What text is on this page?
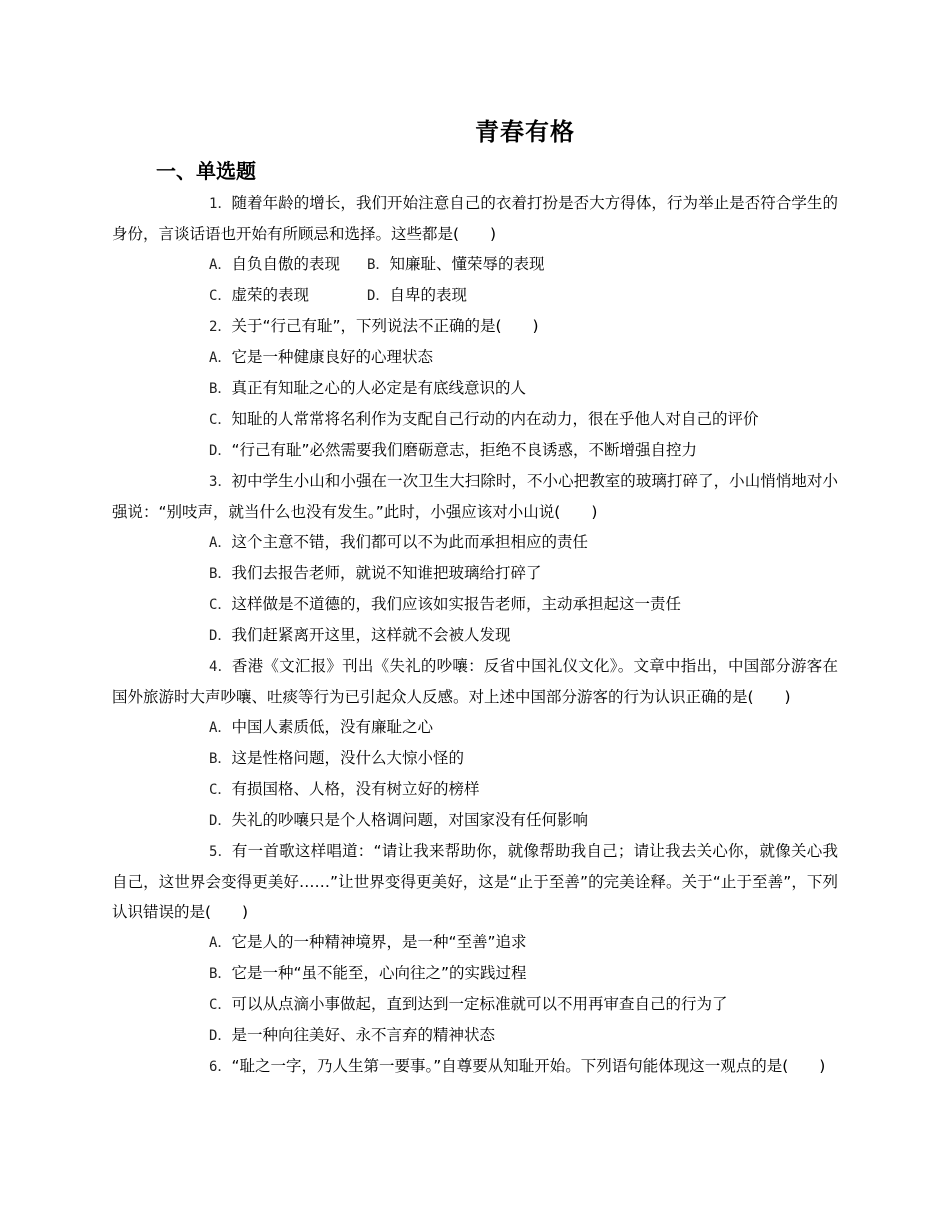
青春有格
一、单选题

1．随着年龄的增长，我们开始注意自己的衣着打扮是否大方得体，行为举止是否符合学生的身份，言谈话语也开始有所顾忌和选择。这些都是(　　)

A．自负自傲的表现	B．知廉耻、懂荣辱的表现
C．虚荣的表现	D．自卑的表现

2．关于“行己有耻”，下列说法不正确的是(　　)

A．它是一种健康良好的心理状态
B．真正有知耻之心的人必定是有底线意识的人
C．知耻的人常常将名利作为支配自己行动的内在动力，很在乎他人对自己的评价
D．“行己有耻”必然需要我们磨砺意志，拒绝不良诱惑，不断增强自控力

3．初中学生小山和小强在一次卫生大扫除时，不小心把教室的玻璃打碎了，小山悄悄地对小强说：“别吱声，就当什么也没有发生。”此时，小强应该对小山说(　　)

A．这个主意不错，我们都可以不为此而承担相应的责任
B．我们去报告老师，就说不知谁把玻璃给打碎了
C．这样做是不道德的，我们应该如实报告老师，主动承担起这一责任
D．我们赶紧离开这里，这样就不会被人发现

4．香港《文汇报》刊出《失礼的吵嚷：反省中国礼仪文化》。文章中指出，中国部分游客在国外旅游时大声吵嚷、吐痰等行为已引起众人反感。对上述中国部分游客的行为认识正确的是(　　)

A．中国人素质低，没有廉耻之心
B．这是性格问题，没什么大惊小怪的
C．有损国格、人格，没有树立好的榜样
D．失礼的吵嚷只是个人格调问题，对国家没有任何影响

5．有一首歌这样唱道：“请让我来帮助你，就像帮助我自己；请让我去关心你，就像关心我自己，这世界会变得更美好……”让世界变得更美好，这是“止于至善”的完美诠释。关于“止于至善”，下列认识错误的是(　　)

A．它是人的一种精神境界，是一种“至善”追求
B．它是一种“虽不能至，心向往之”的实践过程
C．可以从点滴小事做起，直到达到一定标准就可以不用再审查自己的行为了
D．是一种向往美好、永不言弃的精神状态

6．“耻之一字，乃人生第一要事。”自尊要从知耻开始。下列语句能体现这一观点的是(　　)
